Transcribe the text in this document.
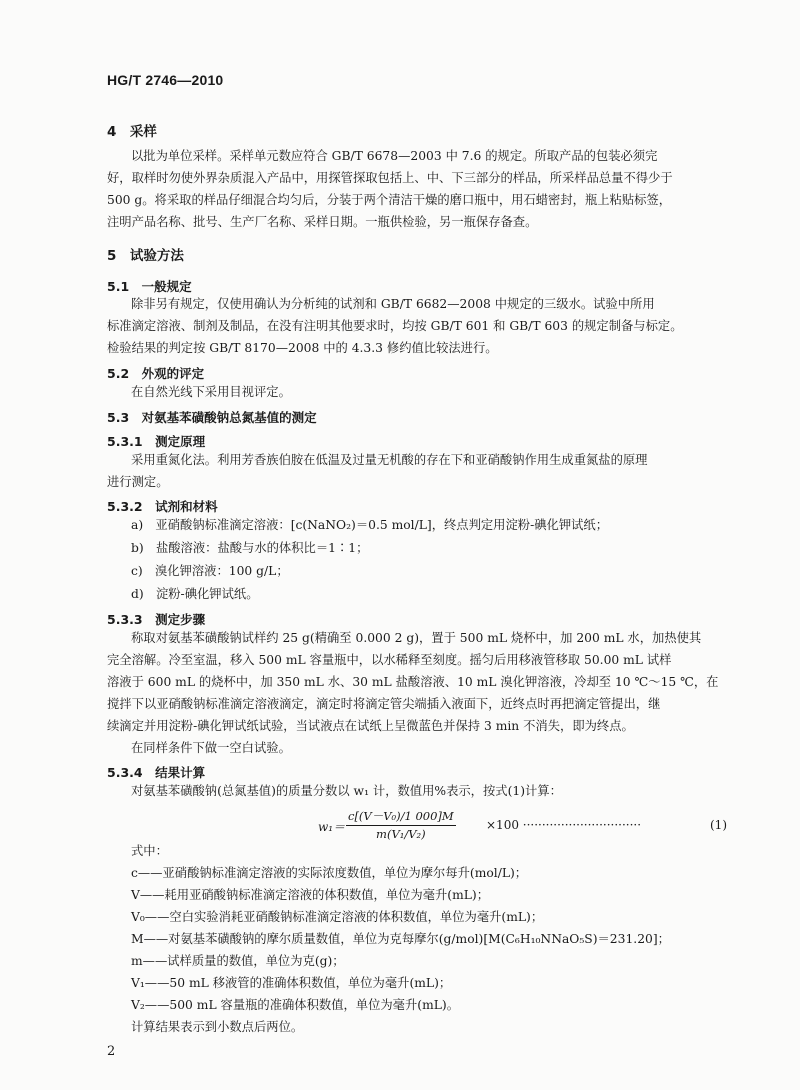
HG/T 2746—2010
4　采样
以批为单位采样。采样单元数应符合 GB/T 6678—2003 中 7.6 的规定。所取产品的包装必须完
好，取样时勿使外界杂质混入产品中，用探管探取包括上、中、下三部分的样品，所采样品总量不得少于
500 g。将采取的样品仔细混合均匀后，分装于两个清洁干燥的磨口瓶中，用石蜡密封，瓶上粘贴标签，
注明产品名称、批号、生产厂名称、采样日期。一瓶供检验，另一瓶保存备查。
5　试验方法
5.1　一般规定
除非另有规定，仅使用确认为分析纯的试剂和 GB/T 6682—2008 中规定的三级水。试验中所用
标准滴定溶液、制剂及制品，在没有注明其他要求时，均按 GB/T 601 和 GB/T 603 的规定制备与标定。
检验结果的判定按 GB/T 8170—2008 中的 4.3.3 修约值比较法进行。
5.2　外观的评定
在自然光线下采用目视评定。
5.3　对氨基苯磺酸钠总氮基值的测定
5.3.1　测定原理
采用重氮化法。利用芳香族伯胺在低温及过量无机酸的存在下和亚硝酸钠作用生成重氮盐的原理
进行测定。
5.3.2　试剂和材料
a)　亚硝酸钠标准滴定溶液：[c(NaNO₂)＝0.5 mol/L]，终点判定用淀粉-碘化钾试纸；
b)　盐酸溶液：盐酸与水的体积比＝1∶1；
c)　溴化钾溶液：100 g/L；
d)　淀粉-碘化钾试纸。
5.3.3　测定步骤
称取对氨基苯磺酸钠试样约 25 g(精确至 0.000 2 g)，置于 500 mL 烧杯中，加 200 mL 水，加热使其
完全溶解。冷至室温，移入 500 mL 容量瓶中，以水稀释至刻度。摇匀后用移液管移取 50.00 mL 试样
溶液于 600 mL 的烧杯中，加 350 mL 水、30 mL 盐酸溶液、10 mL 溴化钾溶液，冷却至 10 ℃～15 ℃，在
搅拌下以亚硝酸钠标准滴定溶液滴定，滴定时将滴定管尖端插入液面下，近终点时再把滴定管提出，继
续滴定并用淀粉-碘化钾试纸试验，当试液点在试纸上呈微蓝色并保持 3 min 不消失，即为终点。
在同样条件下做一空白试验。
5.3.4　结果计算
对氨基苯磺酸钠(总氮基值)的质量分数以 w₁ 计，数值用%表示，按式(1)计算：
$w_1= \frac{\text{c[(V－V₀)/1 000]M}}{\text{m(V₁/V₂)}}$	×100 ·······························	(1)
式中：
c——亚硝酸钠标准滴定溶液的实际浓度数值，单位为摩尔每升(mol/L)；
V——耗用亚硝酸钠标准滴定溶液的体积数值，单位为毫升(mL)；
V₀——空白实验消耗亚硝酸钠标准滴定溶液的体积数值，单位为毫升(mL)；
M——对氨基苯磺酸钠的摩尔质量数值，单位为克每摩尔(g/mol)[M(C₆H₁₀NNaO₅S)＝231.20]；
m——试样质量的数值，单位为克(g)；
V₁——50 mL 移液管的准确体积数值，单位为毫升(mL)；
V₂——500 mL 容量瓶的准确体积数值，单位为毫升(mL)。
计算结果表示到小数点后两位。
2
